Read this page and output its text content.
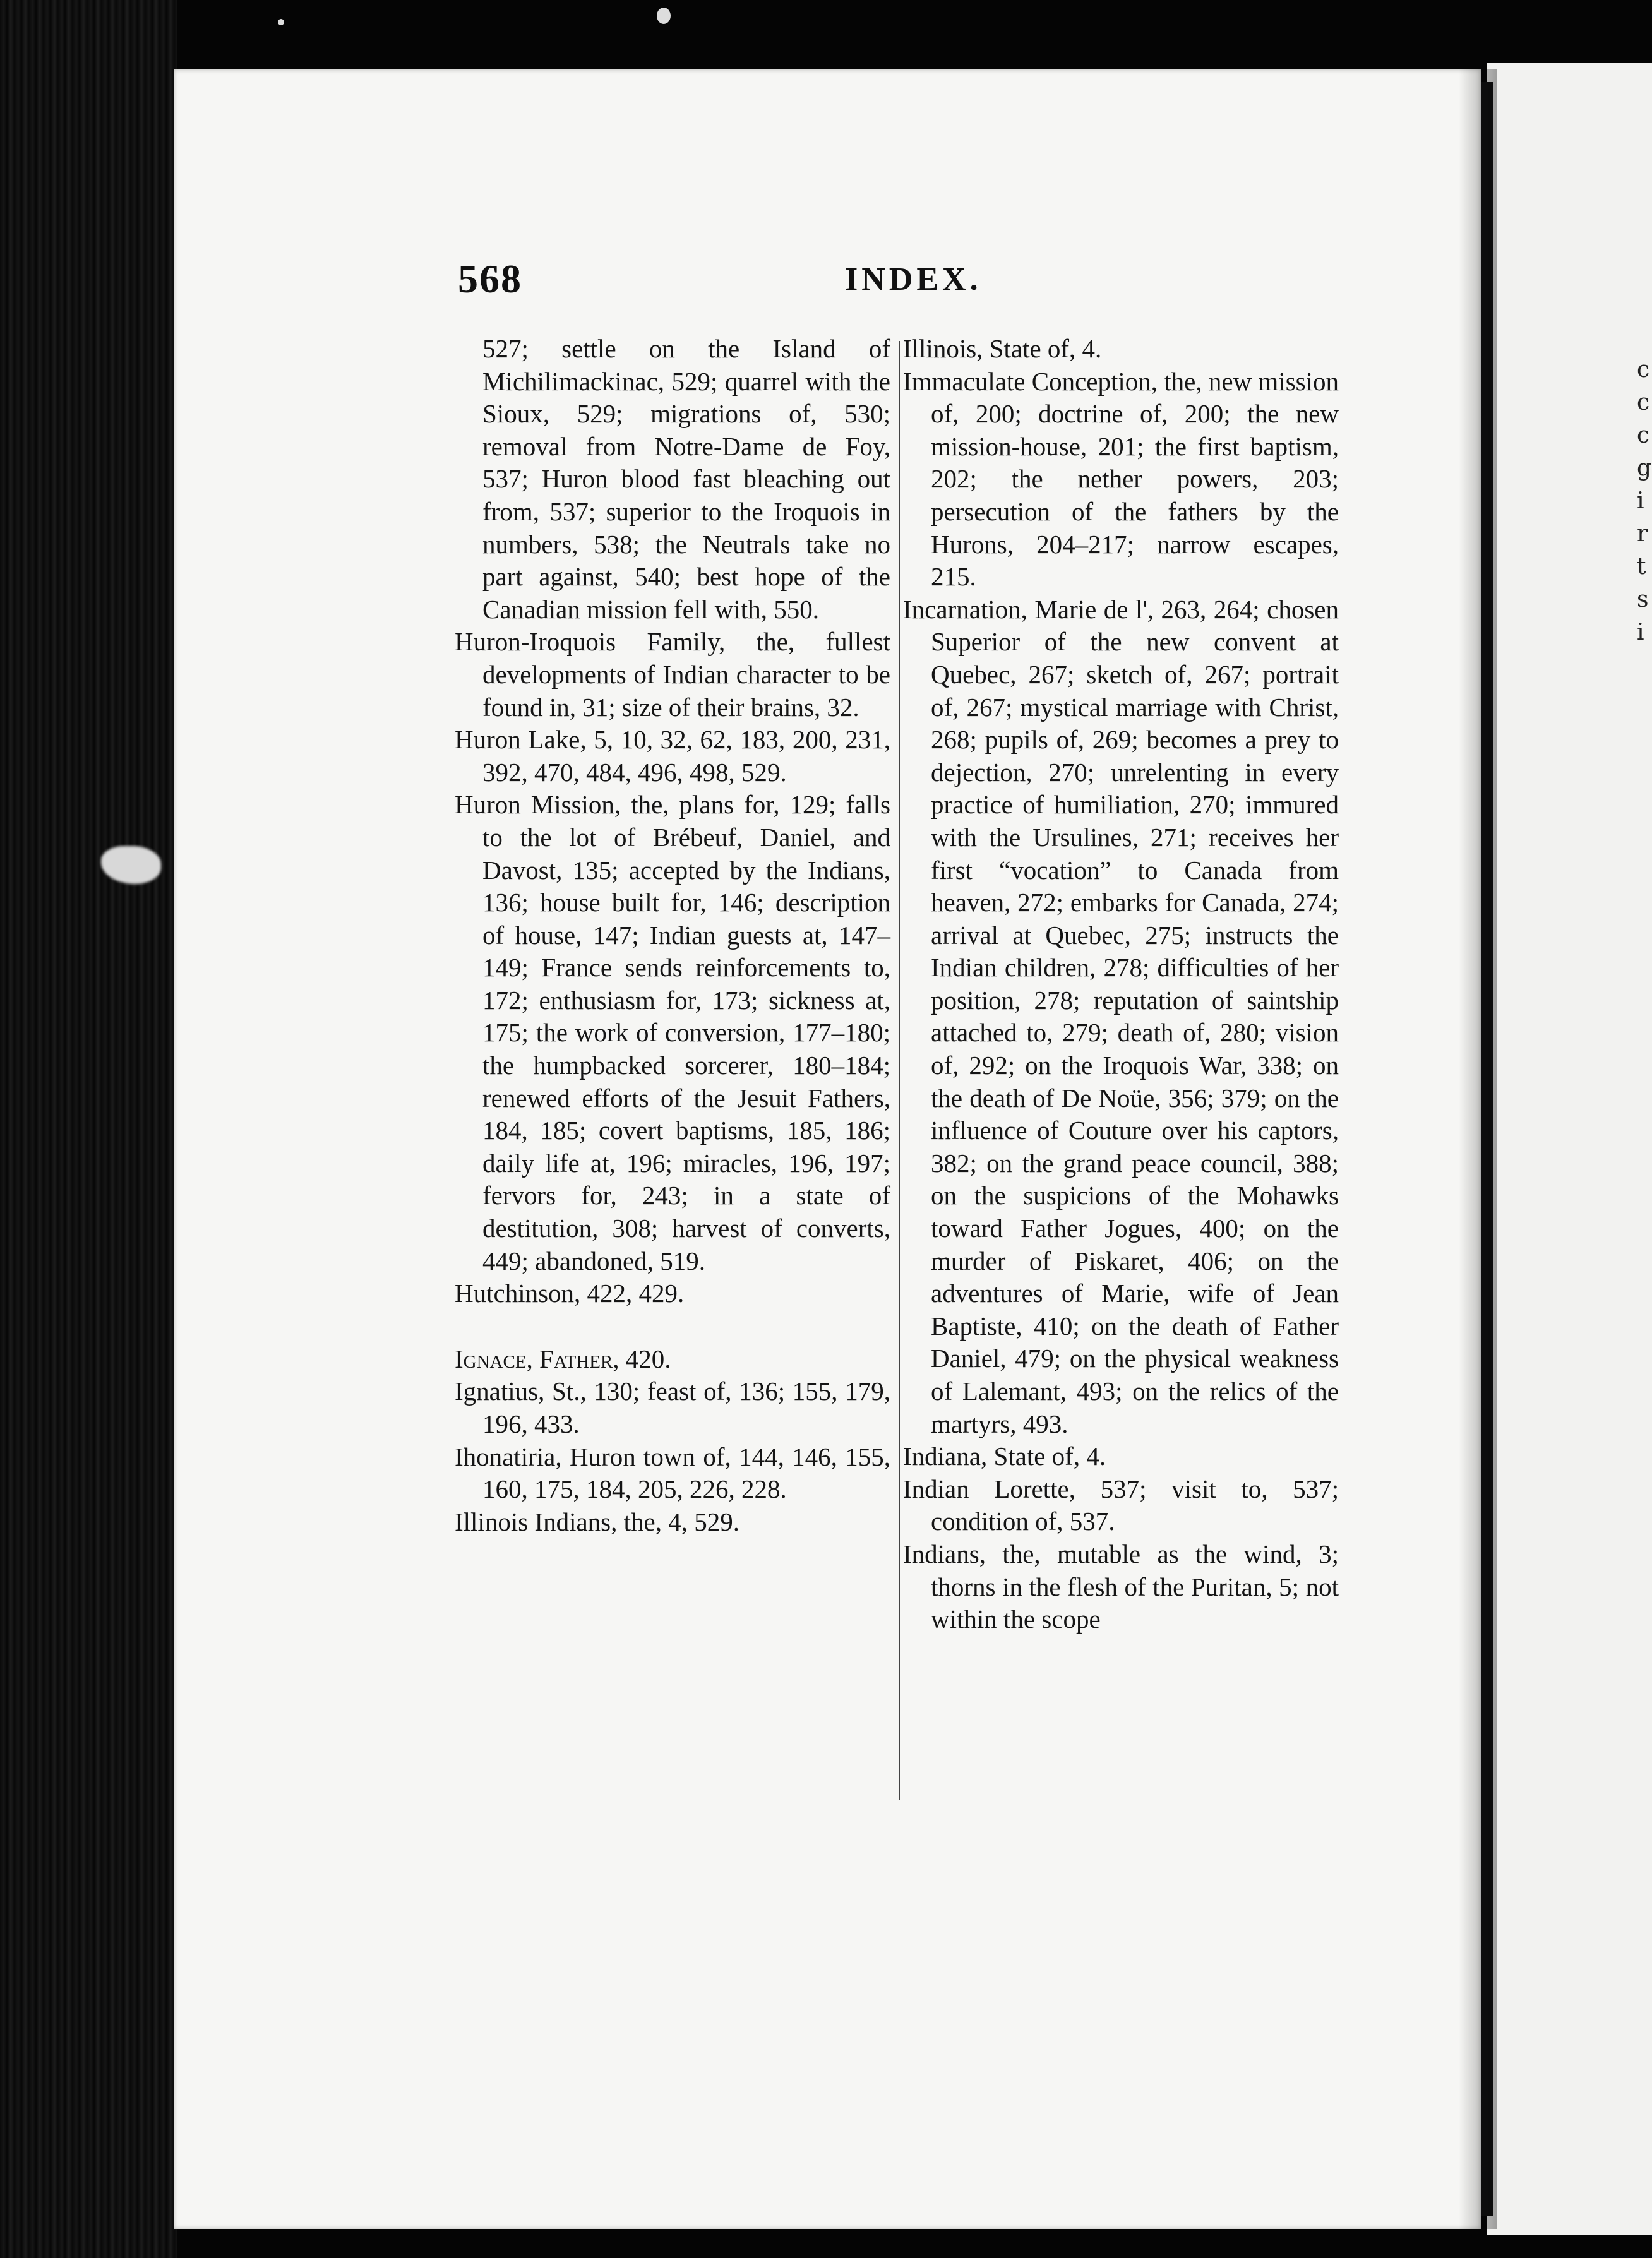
c
c
c
g
i
r
t
s
i
568	INDEX.

527; settle on the Island of Michilimackinac, 529; quarrel with the Sioux, 529; migrations of, 530; removal from Notre-Dame de Foy, 537; Huron blood fast bleaching out from, 537; superior to the Iroquois in numbers, 538; the Neutrals take no part against, 540; best hope of the Canadian mission fell with, 550.

Huron-Iroquois Family, the, fullest developments of Indian character to be found in, 31; size of their brains, 32.

Huron Lake, 5, 10, 32, 62, 183, 200, 231, 392, 470, 484, 496, 498, 529.

Huron Mission, the, plans for, 129; falls to the lot of Brébeuf, Daniel, and Davost, 135; accepted by the Indians, 136; house built for, 146; description of house, 147; Indian guests at, 147–149; France sends reinforcements to, 172; enthusiasm for, 173; sickness at, 175; the work of conversion, 177–180; the humpbacked sorcerer, 180–184; renewed efforts of the Jesuit Fathers, 184, 185; covert baptisms, 185, 186; daily life at, 196; miracles, 196, 197; fervors for, 243; in a state of destitution, 308; harvest of converts, 449; abandoned, 519.

Hutchinson, 422, 429.

Ignace, Father, 420.

Ignatius, St., 130; feast of, 136; 155, 179, 196, 433.

Ihonatiria, Huron town of, 144, 146, 155, 160, 175, 184, 205, 226, 228.

Illinois Indians, the, 4, 529.

Illinois, State of, 4.

Immaculate Conception, the, new mission of, 200; doctrine of, 200; the new mission-house, 201; the first baptism, 202; the nether powers, 203; persecution of the fathers by the Hurons, 204–217; narrow escapes, 215.

Incarnation, Marie de l', 263, 264; chosen Superior of the new convent at Quebec, 267; sketch of, 267; portrait of, 267; mystical marriage with Christ, 268; pupils of, 269; becomes a prey to dejection, 270; unrelenting in every practice of humiliation, 270; immured with the Ursulines, 271; receives her first “vocation” to Canada from heaven, 272; embarks for Canada, 274; arrival at Quebec, 275; instructs the Indian children, 278; difficulties of her position, 278; reputation of saintship attached to, 279; death of, 280; vision of, 292; on the Iroquois War, 338; on the death of De Noüe, 356; 379; on the influence of Couture over his captors, 382; on the grand peace council, 388; on the suspicions of the Mohawks toward Father Jogues, 400; on the murder of Piskaret, 406; on the adventures of Marie, wife of Jean Baptiste, 410; on the death of Father Daniel, 479; on the physical weakness of Lalemant, 493; on the relics of the martyrs, 493.

Indiana, State of, 4.

Indian Lorette, 537; visit to, 537; condition of, 537.

Indians, the, mutable as the wind, 3; thorns in the flesh of the Puritan, 5; not within the scope
